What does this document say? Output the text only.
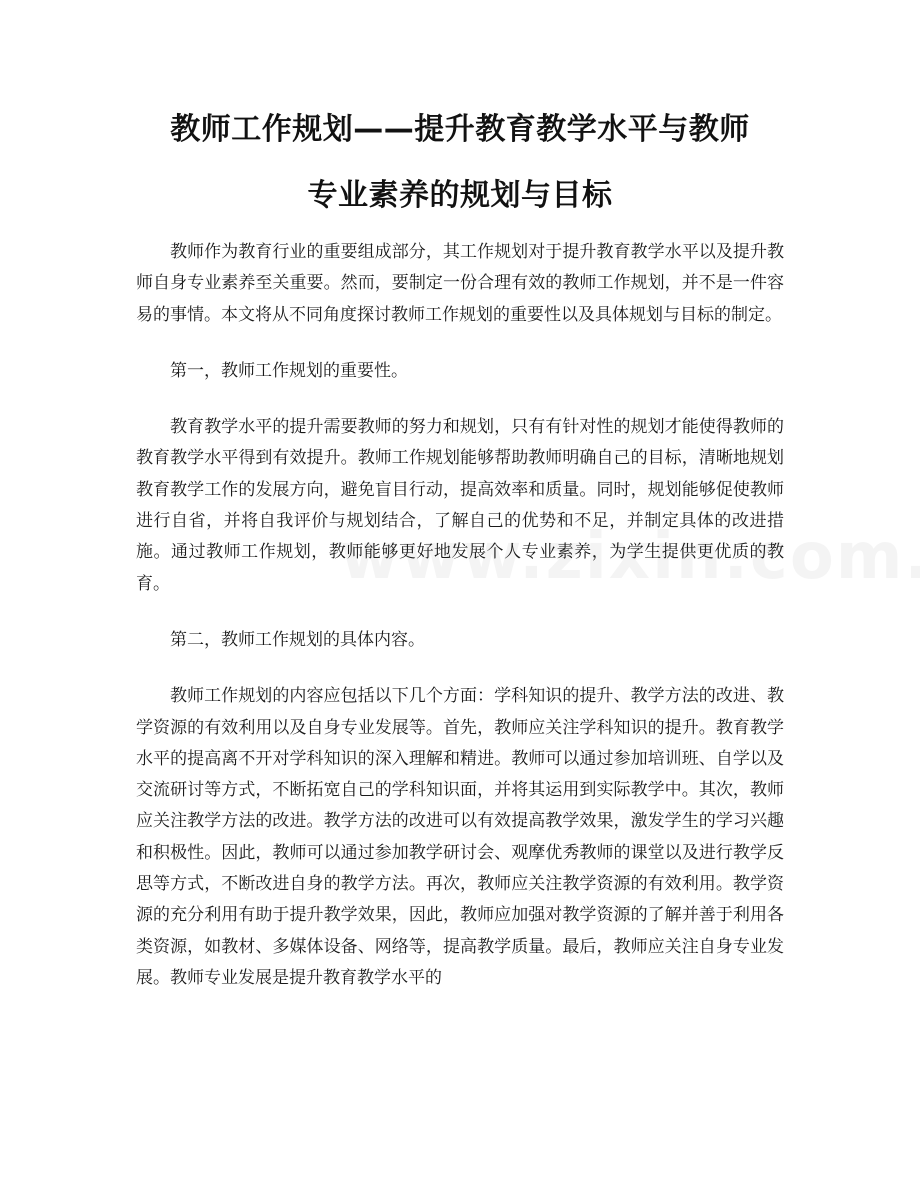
教师工作规划——提升教育教学水平与教师
专业素养的规划与目标

教师作为教育行业的重要组成部分，其工作规划对于提升教育教学水平以及提升教师自身专业素养至关重要。然而，要制定一份合理有效的教师工作规划，并不是一件容易的事情。本文将从不同角度探讨教师工作规划的重要性以及具体规划与目标的制定。

第一，教师工作规划的重要性。

教育教学水平的提升需要教师的努力和规划，只有有针对性的规划才能使得教师的教育教学水平得到有效提升。教师工作规划能够帮助教师明确自己的目标，清晰地规划教育教学工作的发展方向，避免盲目行动，提高效率和质量。同时，规划能够促使教师进行自省，并将自我评价与规划结合，了解自己的优势和不足，并制定具体的改进措施。通过教师工作规划，教师能够更好地发展个人专业素养，为学生提供更优质的教育。

第二，教师工作规划的具体内容。

教师工作规划的内容应包括以下几个方面：学科知识的提升、教学方法的改进、教学资源的有效利用以及自身专业发展等。首先，教师应关注学科知识的提升。教育教学水平的提高离不开对学科知识的深入理解和精进。教师可以通过参加培训班、自学以及交流研讨等方式，不断拓宽自己的学科知识面，并将其运用到实际教学中。其次，教师应关注教学方法的改进。教学方法的改进可以有效提高教学效果，激发学生的学习兴趣和积极性。因此，教师可以通过参加教学研讨会、观摩优秀教师的课堂以及进行教学反思等方式，不断改进自身的教学方法。再次，教师应关注教学资源的有效利用。教学资源的充分利用有助于提升教学效果，因此，教师应加强对教学资源的了解并善于利用各类资源，如教材、多媒体设备、网络等，提高教学质量。最后，教师应关注自身专业发展。教师专业发展是提升教育教学水平的
